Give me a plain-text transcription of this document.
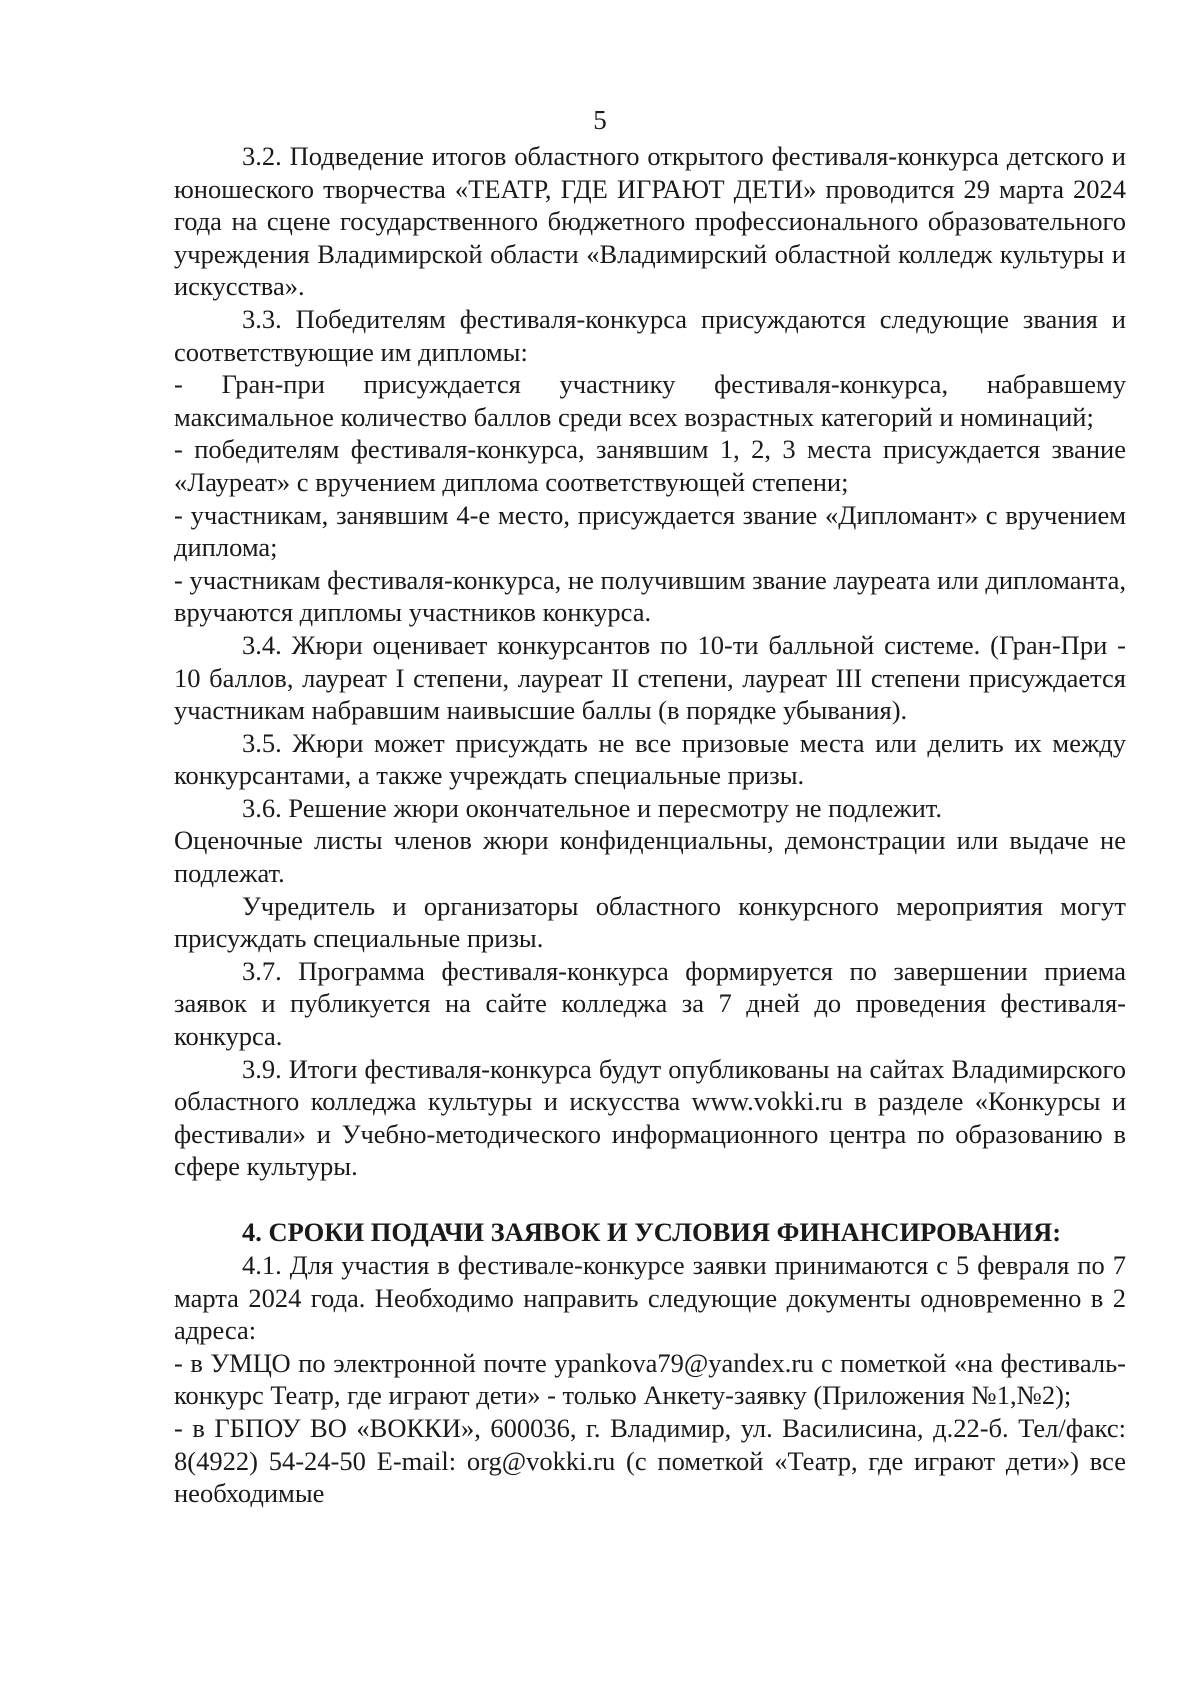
5

3.2. Подведение итогов областного открытого фестиваля-конкурса детского и юношеского творчества «ТЕАТР, ГДЕ ИГРАЮТ ДЕТИ» проводится 29 марта 2024 года на сцене государственного бюджетного профессионального образовательного учреждения Владимирской области «Владимирский областной колледж культуры и искусства».

3.3. Победителям фестиваля-конкурса присуждаются следующие звания и соответствующие им дипломы:

- Гран-при присуждается участнику фестиваля-конкурса, набравшему максимальное количество баллов среди всех возрастных категорий и номинаций;

- победителям фестиваля-конкурса, занявшим 1, 2, 3 места присуждается звание «Лауреат» с вручением диплома соответствующей степени;

- участникам, занявшим 4-е место, присуждается звание «Дипломант» с вручением диплома;

- участникам фестиваля-конкурса, не получившим звание лауреата или дипломанта, вручаются дипломы участников конкурса.

3.4. Жюри оценивает конкурсантов по 10-ти балльной системе. (Гран-При - 10 баллов, лауреат I степени, лауреат II степени, лауреат III степени присуждается участникам набравшим наивысшие баллы (в порядке убывания).

3.5. Жюри может присуждать не все призовые места или делить их между конкурсантами, а также учреждать специальные призы.

3.6. Решение жюри окончательное и пересмотру не подлежит.

Оценочные листы членов жюри конфиденциальны, демонстрации или выдаче не подлежат.

Учредитель и организаторы областного конкурсного мероприятия могут присуждать специальные призы.

3.7. Программа фестиваля-конкурса формируется по завершении приема заявок и публикуется на сайте колледжа за 7 дней до проведения фестиваля-конкурса.

3.9. Итоги фестиваля-конкурса будут опубликованы на сайтах Владимирского областного колледжа культуры и искусства www.vokki.ru в разделе «Конкурсы и фестивали» и Учебно-методического информационного центра по образованию в сфере культуры.

4. СРОКИ ПОДАЧИ ЗАЯВОК И УСЛОВИЯ ФИНАНСИРОВАНИЯ:

4.1. Для участия в фестивале-конкурсе заявки принимаются с 5 февраля по 7 марта 2024 года. Необходимо направить следующие документы одновременно в 2 адреса:

- в УМЦО по электронной почте ypankova79@yandex.ru с пометкой «на фестиваль-конкурс Театр, где играют дети» - только Анкету-заявку (Приложения №1,№2);

- в ГБПОУ ВО «ВОККИ», 600036, г. Владимир, ул. Василисина, д.22-б. Тел/факс: 8(4922) 54-24-50 E-mail: org@vokki.ru (с пометкой «Театр, где играют дети») все необходимые
